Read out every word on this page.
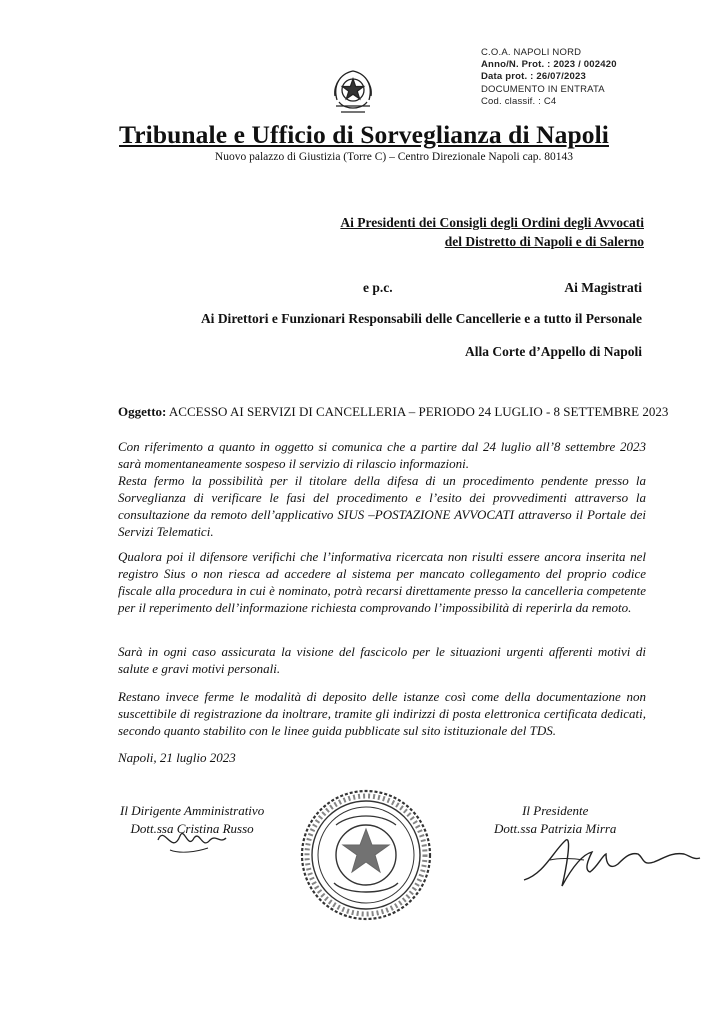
C.O.A. NAPOLI NORD
Anno/N. Prot. : 2023 / 002420
Data prot. : 26/07/2023
DOCUMENTO IN ENTRATA
Cod. classif. : C4
Tribunale e Ufficio di Sorveglianza di Napoli
Nuovo palazzo di Giustizia (Torre C) – Centro Direzionale Napoli cap. 80143
Ai Presidenti dei Consigli degli Ordini degli Avvocati
del Distretto di Napoli e di Salerno
e p.c.	Ai Magistrati
Ai Direttori e Funzionari Responsabili delle Cancellerie e a tutto il Personale
Alla Corte d’Appello di Napoli
Oggetto: ACCESSO AI SERVIZI DI CANCELLERIA – PERIODO 24 LUGLIO - 8 SETTEMBRE 2023

Con riferimento a quanto in oggetto si comunica che a partire dal 24 luglio all’8 settembre 2023 sarà momentaneamente sospeso il servizio di rilascio informazioni.

Resta fermo la possibilità per il titolare della difesa di un procedimento pendente presso la Sorveglianza di verificare le fasi del procedimento e l’esito dei provvedimenti attraverso la consultazione da remoto dell’applicativo SIUS –POSTAZIONE AVVOCATI attraverso il Portale dei Servizi Telematici.

Qualora poi il difensore verifichi che l’informativa ricercata non risulti essere ancora inserita nel registro Sius o non riesca ad accedere al sistema per mancato collegamento del proprio codice fiscale alla procedura in cui è nominato, potrà recarsi direttamente presso la cancelleria competente per il reperimento dell’informazione richiesta comprovando l’impossibilità di reperirla da remoto.
Sarà in ogni caso assicurata la visione del fascicolo per le situazioni urgenti afferenti motivi di salute e gravi motivi personali.
Restano invece ferme le modalità di deposito delle istanze così come della documentazione non suscettibile di registrazione da inoltrare, tramite gli indirizzi di posta elettronica certificata dedicati, secondo quanto stabilito con le linee guida pubblicate sul sito istituzionale del TDS.
Napoli, 21 luglio 2023
Il Dirigente Amministrativo
Dott.ssa Cristina Russo
Il Presidente
Dott.ssa Patrizia Mirra
